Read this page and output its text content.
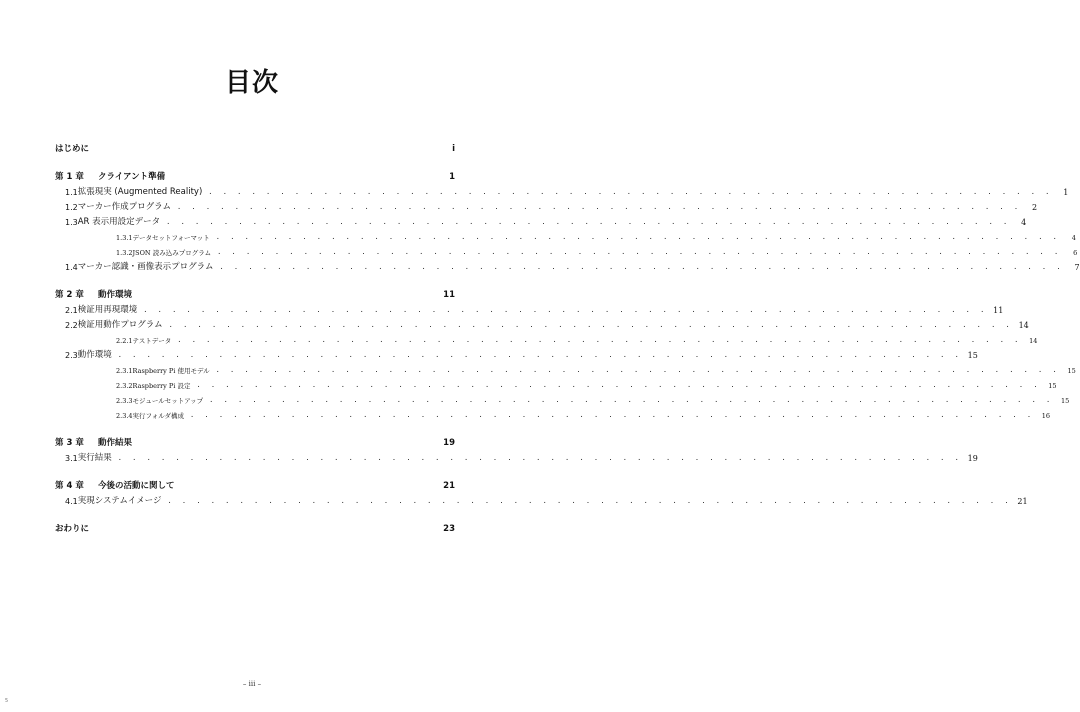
目次
はじめに	i
第 1 章	クライアント準備	1
1.1 拡張現実 (Augmented Reality) . . . . . . . . . . . . . . . . . . . . . . . . . . . . . . . . . . . . . . . . . . . . . . . . . . . . . . . . . . .	1
1.2 マーカー作成プログラム . . . . . . . . . . . . . . . . . . . . . . . . . . . . . . . . . . . . . . . . . . . . . . . . . . . . . . . . . . .	2
1.3 AR 表示用設定データ . . . . . . . . . . . . . . . . . . . . . . . . . . . . . . . . . . . . . . . . . . . . . . . . . . . . . . . . . . .	4
1.3.1 データセットフォーマット . . . . . . . . . . . . . . . . . . . . . . . . . . . . . . . . . . . . . . . . . . . . . . . . . . . . . . . . . . .	4
1.3.2 JSON 読み込みプログラム . . . . . . . . . . . . . . . . . . . . . . . . . . . . . . . . . . . . . . . . . . . . . . . . . . . . . . . . . . .	6
1.4 マーカー認識・画像表示プログラム . . . . . . . . . . . . . . . . . . . . . . . . . . . . . . . . . . . . . . . . . . . . . . . . . . . . . . . . . . .	7
第 2 章	動作環境	11
2.1 検証用再現環境 . . . . . . . . . . . . . . . . . . . . . . . . . . . . . . . . . . . . . . . . . . . . . . . . . . . . . . . . . . . 11
2.2 検証用動作プログラム . . . . . . . . . . . . . . . . . . . . . . . . . . . . . . . . . . . . . . . . . . . . . . . . . . . . . . . . . . . 14
2.2.1 テストデータ . . . . . . . . . . . . . . . . . . . . . . . . . . . . . . . . . . . . . . . . . . . . . . . . . . . . . . . . . . .	14
2.3 動作環境 . . . . . . . . . . . . . . . . . . . . . . . . . . . . . . . . . . . . . . . . . . . . . . . . . . . . . . . . . . . 15
2.3.1 Raspberry Pi 使用モデル . . . . . . . . . . . . . . . . . . . . . . . . . . . . . . . . . . . . . . . . . . . . . . . . . . . . . . . . . . .	15
2.3.2 Raspberry Pi 設定 . . . . . . . . . . . . . . . . . . . . . . . . . . . . . . . . . . . . . . . . . . . . . . . . . . . . . . . . . . .	15
2.3.3 モジュールセットアップ . . . . . . . . . . . . . . . . . . . . . . . . . . . . . . . . . . . . . . . . . . . . . . . . . . . . . . . . . . .	15
2.3.4 実行フォルダ構成 . . . . . . . . . . . . . . . . . . . . . . . . . . . . . . . . . . . . . . . . . . . . . . . . . . . . . . . . . . .	16
第 3 章	動作結果	19
3.1 実行結果 . . . . . . . . . . . . . . . . . . . . . . . . . . . . . . . . . . . . . . . . . . . . . . . . . . . . . . . . . . . 19
第 4 章	今後の活動に関して	21
4.1 実現システムイメージ . . . . . . . . . . . . . . . . . . . . . . . . . . . . . . . . . . . . . . . . . . . . . . . . . . . . . . . . . . . 21
おわりに	23
– iii –
5
